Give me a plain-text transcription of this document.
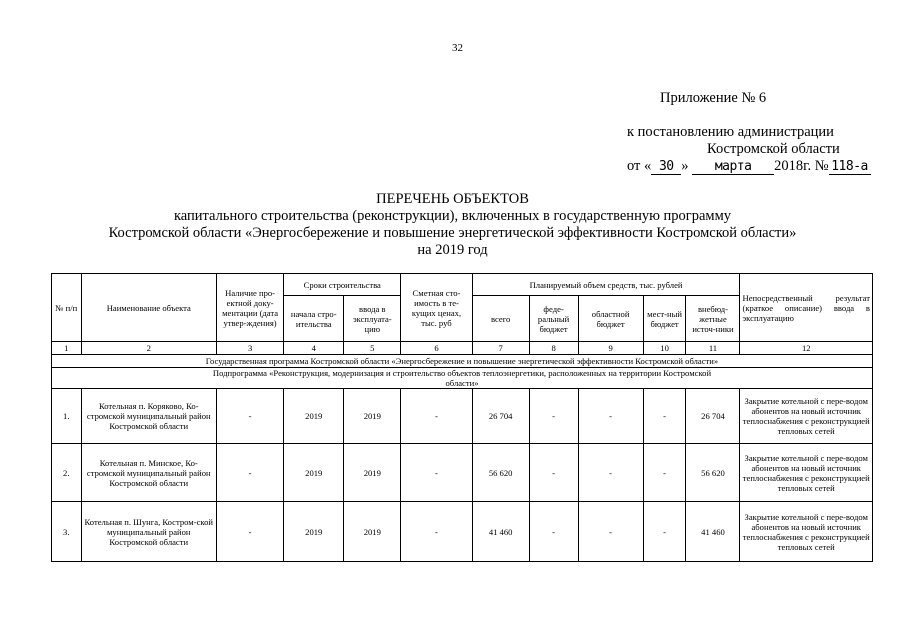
32
Приложение № 6
к постановлению администрации
Костромской области
от « 30 » марта 2018г. № 118-а
ПЕРЕЧЕНЬ ОБЪЕКТОВ
капитального строительства (реконструкции), включенных в государственную программу
Костромской области «Энергосбережение и повышение энергетической эффективности Костромской области»
на 2019 год
№ п/п	Наименование объекта	Наличие про-ектной доку-ментации (дата утвер-ждения)	Сроки строительства		Сметная сто-имость в те-кущих ценах, тыс. руб	Планируемый объем средств, тыс. рублей					Непосредственный результат (краткое описание) ввода в эксплуатацию
			начала стро-ительства	ввода в эксплуата-цию		всего	феде-ральный бюджет	областной бюджет	мест-ный бюджет	внебюд-жетные источ-ники	
1	2	3	4	5	6	7	8	9	10	11	12
Государственная программа Костромской области «Энергосбережение и повышение энергетической эффективности Костромской области»											
Подпрограмма «Реконструкция, модернизация и строительство объектов теплоэнергетики, расположенных на территории Костромской области»											
1.	Котельная п. Коряково, Ко-стромской муниципальный район Костромской области	-	2019	2019	-	26 704	-	-	-	26 704	Закрытие котельной с пере-водом абонентов на новый источник теплоснабжения с реконструкцией тепловых сетей
2.	Котельная п. Минское, Ко-стромской муниципальный район Костромской области	-	2019	2019	-	56 620	-	-	-	56 620	Закрытие котельной с пере-водом абонентов на новый источник теплоснабжения с реконструкцией тепловых сетей
3.	Котельная п. Шунга, Костром-ской муниципальный район Костромской области	-	2019	2019	-	41 460	-	-	-	41 460	Закрытие котельной с пере-водом абонентов на новый источник теплоснабжения с реконструкцией тепловых сетей
